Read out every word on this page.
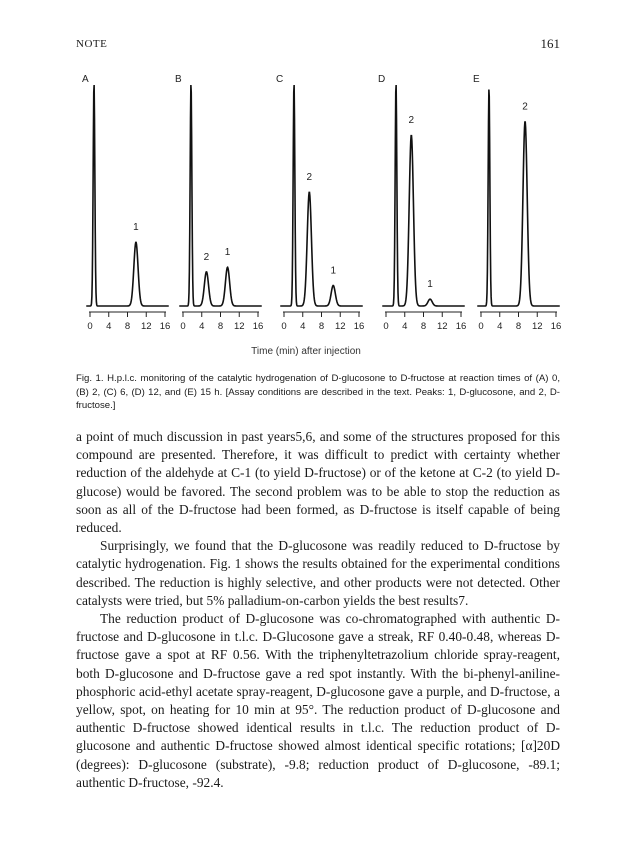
NOTE	161
A
1
0 4 8 12 16
B
2 1
0 4 8 12 16
C
2
1
0 4 8 12 16
D
2
1
0 4 8 12 16
E
2
0 4 8 12 16
Time (min) after injection
Fig. 1. H.p.l.c. monitoring of the catalytic hydrogenation of D-glucosone to D-fructose at reaction times of (A) 0, (B) 2, (C) 6, (D) 12, and (E) 15 h. [Assay conditions are described in the text. Peaks: 1, D-glucosone, and 2, D-fructose.]

a point of much discussion in past years5,6, and some of the structures proposed for this compound are presented. Therefore, it was difficult to predict with certainty whether reduction of the aldehyde at C-1 (to yield D-fructose) or of the ketone at C-2 (to yield D-glucose) would be favored. The second problem was to be able to stop the reduction as soon as all of the D-fructose had been formed, as D-fructose is itself capable of being reduced.

Surprisingly, we found that the D-glucosone was readily reduced to D-fructose by catalytic hydrogenation. Fig. 1 shows the results obtained for the experimental conditions described. The reduction is highly selective, and other products were not detected. Other catalysts were tried, but 5% palladium-on-carbon yields the best results7.

The reduction product of D-glucosone was co-chromatographed with authentic D-fructose and D-glucosone in t.l.c. D-Glucosone gave a streak, RF 0.40-0.48, whereas D-fructose gave a spot at RF 0.56. With the triphenyltetrazolium chloride spray-reagent, both D-glucosone and D-fructose gave a red spot instantly. With the bi-phenyl-aniline-phosphoric acid-ethyl acetate spray-reagent, D-glucosone gave a purple, and D-fructose, a yellow, spot, on heating for 10 min at 95°. The reduction product of D-glucosone and authentic D-fructose showed identical results in t.l.c. The reduction product of D-glucosone and authentic D-fructose showed almost identical specific rotations; [α]20D (degrees): D-glucosone (substrate), -9.8; reduction product of D-glucosone, -89.1; authentic D-fructose, -92.4.
